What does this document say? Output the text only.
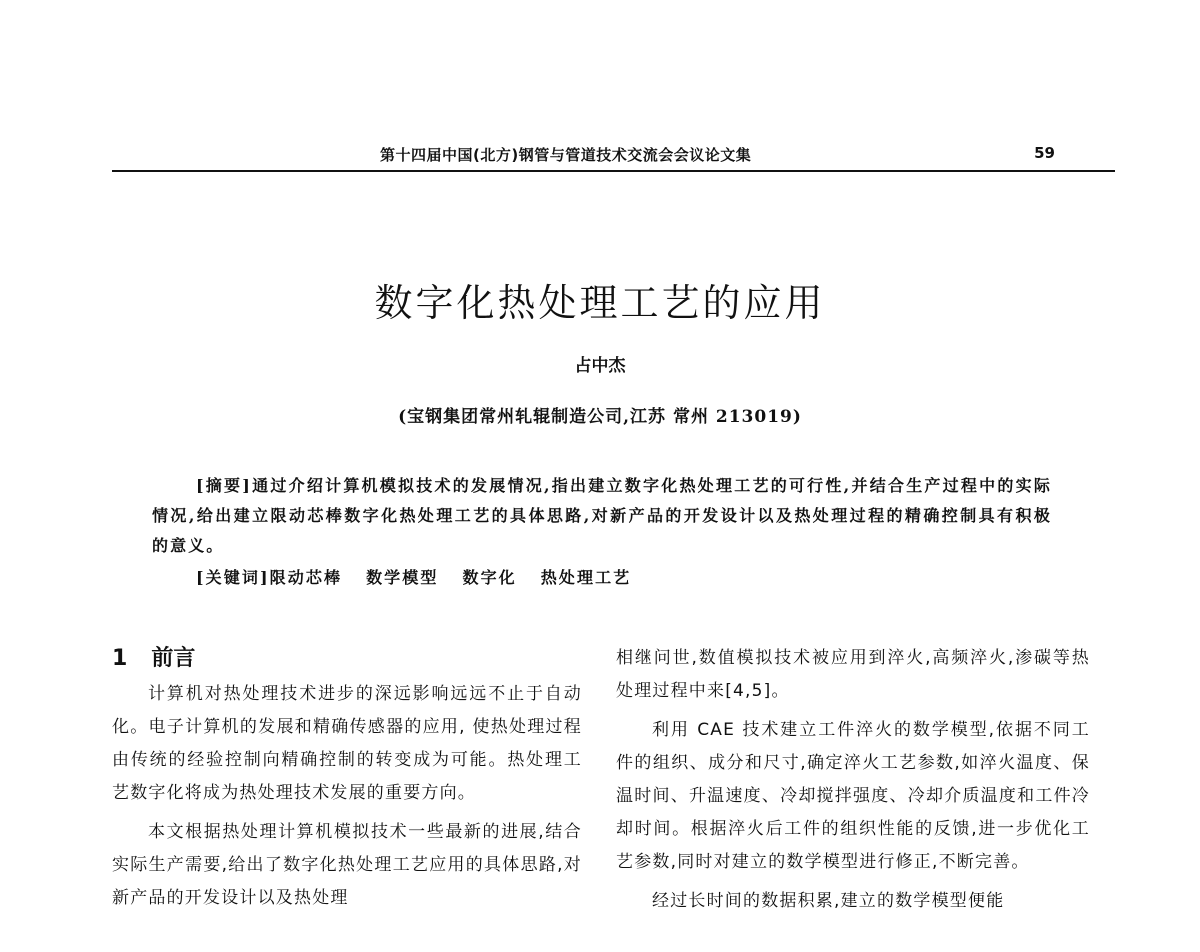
第十四届中国(北方)钢管与管道技术交流会会议论文集	59
数字化热处理工艺的应用
占中杰
(宝钢集团常州轧辊制造公司,江苏 常州 213019)

[摘要]通过介绍计算机模拟技术的发展情况,指出建立数字化热处理工艺的可行性,并结合生产过程中的实际情况,给出建立限动芯棒数字化热处理工艺的具体思路,对新产品的开发设计以及热处理过程的精确控制具有积极的意义。

[关键词]限动芯棒 数学模型 数字化 热处理工艺

1 前言

计算机对热处理技术进步的深远影响远远不止于自动化。电子计算机的发展和精确传感器的应用, 使热处理过程由传统的经验控制向精确控制的转变成为可能。热处理工艺数字化将成为热处理技术发展的重要方向。

本文根据热处理计算机模拟技术一些最新的进展,结合实际生产需要,给出了数字化热处理工艺应用的具体思路,对新产品的开发设计以及热处理

相继问世,数值模拟技术被应用到淬火,高频淬火,渗碳等热处理过程中来[4,5]。

利用 CAE 技术建立工件淬火的数学模型,依据不同工件的组织、成分和尺寸,确定淬火工艺参数,如淬火温度、保温时间、升温速度、冷却搅拌强度、冷却介质温度和工件冷却时间。根据淬火后工件的组织性能的反馈,进一步优化工艺参数,同时对建立的数学模型进行修正,不断完善。

经过长时间的数据积累,建立的数学模型便能
